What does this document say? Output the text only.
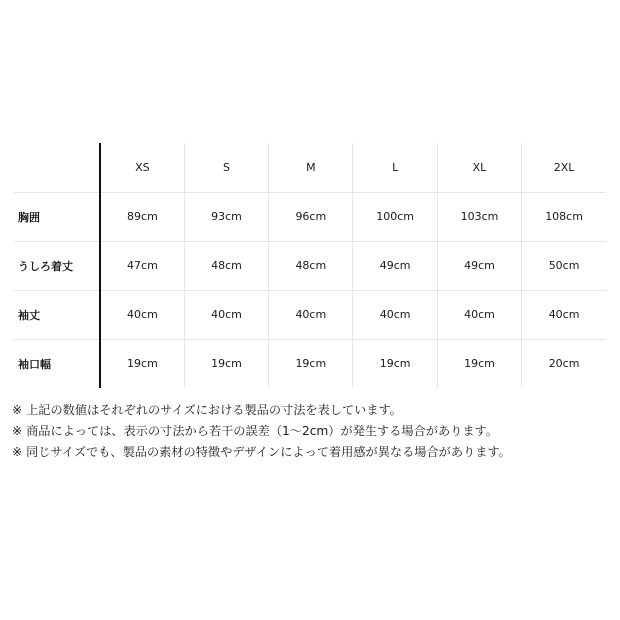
	XS	S	M	L	XL	2XL
胸囲	89cm	93cm	96cm	100cm	103cm	108cm
うしろ着丈	47cm	48cm	48cm	49cm	49cm	50cm
袖丈	40cm	40cm	40cm	40cm	40cm	40cm
袖口幅	19cm	19cm	19cm	19cm	19cm	20cm
※ 上記の数値はそれぞれのサイズにおける製品の寸法を表しています。
※ 商品によっては、表示の寸法から若干の誤差（1〜2cm）が発生する場合があります。
※ 同じサイズでも、製品の素材の特徴やデザインによって着用感が異なる場合があります。
